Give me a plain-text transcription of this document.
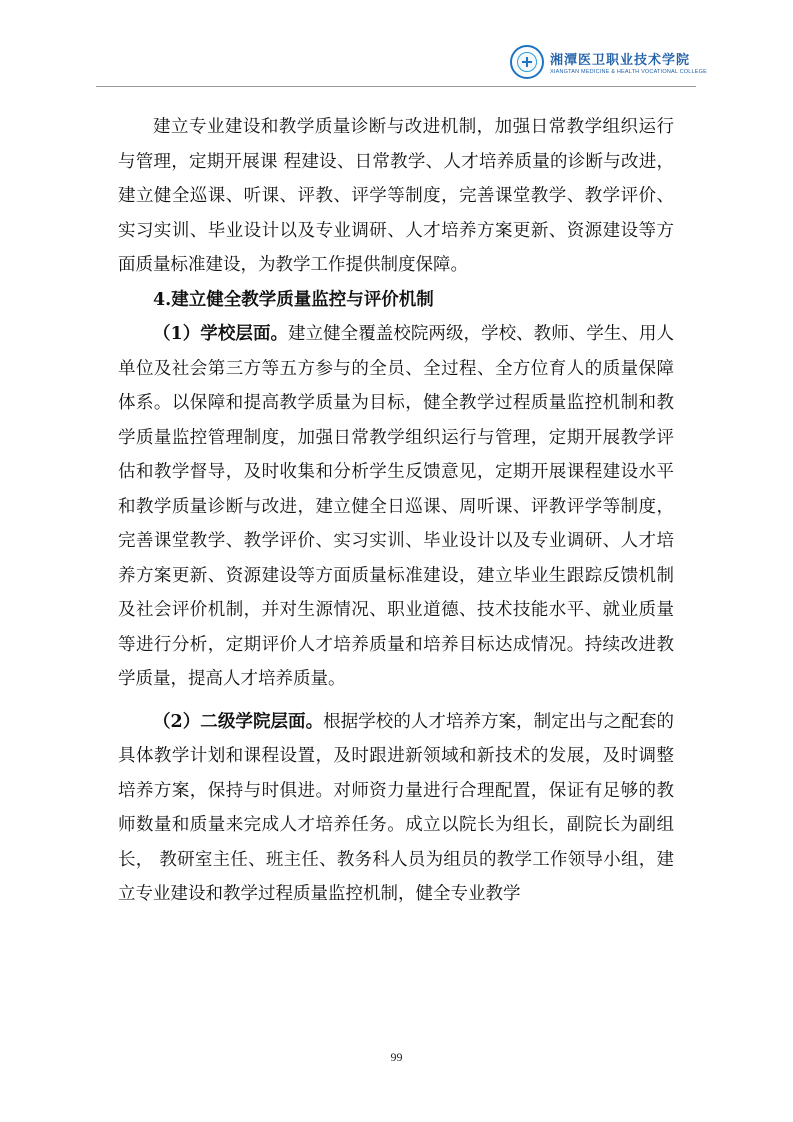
湘潭医卫职业技术学院
XIANGTAN MEDICINE & HEALTH VOCATIONAL COLLEGE

建立专业建设和教学质量诊断与改进机制，加强日常教学组织运行与管理，定期开展课 程建设、日常教学、人才培养质量的诊断与改进，建立健全巡课、听课、评教、评学等制度，完善课堂教学、教学评价、实习实训、毕业设计以及专业调研、人才培养方案更新、资源建设等方面质量标准建设，为教学工作提供制度保障。

4.建立健全教学质量监控与评价机制

（1）学校层面。建立健全覆盖校院两级，学校、教师、学生、用人单位及社会第三方等五方参与的全员、全过程、全方位育人的质量保障体系。以保障和提高教学质量为目标，健全教学过程质量监控机制和教学质量监控管理制度，加强日常教学组织运行与管理，定期开展教学评估和教学督导，及时收集和分析学生反馈意见，定期开展课程建设水平和教学质量诊断与改进，建立健全日巡课、周听课、评教评学等制度，完善课堂教学、教学评价、实习实训、毕业设计以及专业调研、人才培养方案更新、资源建设等方面质量标准建设，建立毕业生跟踪反馈机制及社会评价机制，并对生源情况、职业道德、技术技能水平、就业质量等进行分析，定期评价人才培养质量和培养目标达成情况。持续改进教学质量，提高人才培养质量。

（2）二级学院层面。根据学校的人才培养方案，制定出与之配套的具体教学计划和课程设置，及时跟进新领域和新技术的发展，及时调整培养方案，保持与时俱进。对师资力量进行合理配置，保证有足够的教师数量和质量来完成人才培养任务。成立以院长为组长，副院长为副组长， 教研室主任、班主任、教务科人员为组员的教学工作领导小组，建立专业建设和教学过程质量监控机制，健全专业教学

99
